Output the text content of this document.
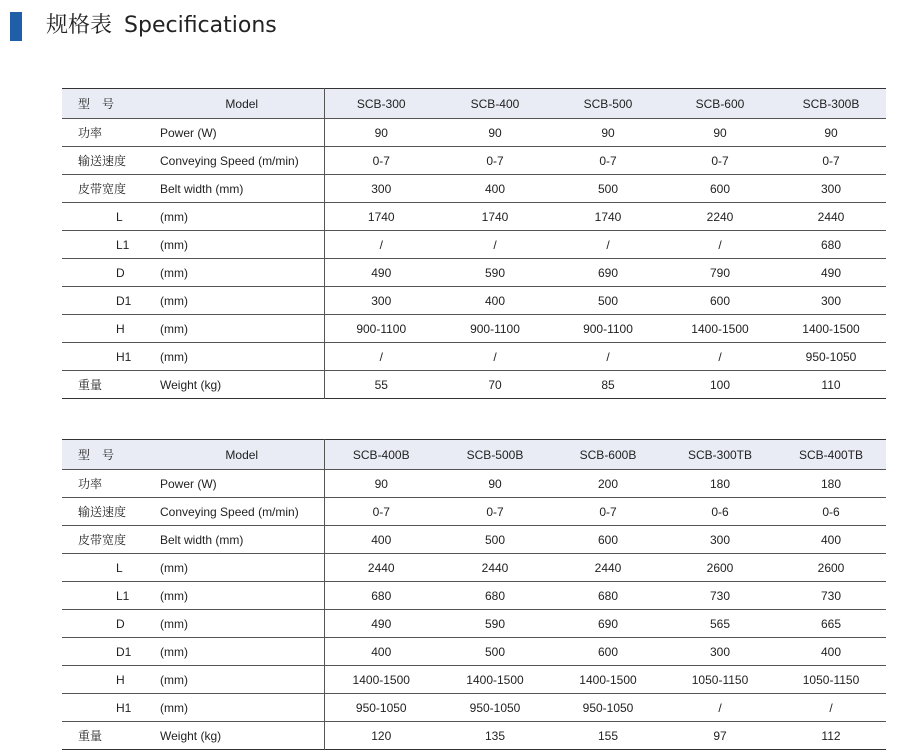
规格表 Specifications
型　号	Model	SCB-300	SCB-400	SCB-500	SCB-600	SCB-300B
功率	Power (W)	90	90	90	90	90
输送速度	Conveying Speed (m/min)	0-7	0-7	0-7	0-7	0-7
皮带宽度	Belt width (mm)	300	400	500	600	300
L	(mm)	1740	1740	1740	2240	2440
L1	(mm)	/	/	/	/	680
D	(mm)	490	590	690	790	490
D1	(mm)	300	400	500	600	300
H	(mm)	900-1100	900-1100	900-1100	1400-1500	1400-1500
H1	(mm)	/	/	/	/	950-1050
重量	Weight (kg)	55	70	85	100	110
型　号	Model	SCB-400B	SCB-500B	SCB-600B	SCB-300TB	SCB-400TB
功率	Power (W)	90	90	200	180	180
输送速度	Conveying Speed (m/min)	0-7	0-7	0-7	0-6	0-6
皮带宽度	Belt width (mm)	400	500	600	300	400
L	(mm)	2440	2440	2440	2600	2600
L1	(mm)	680	680	680	730	730
D	(mm)	490	590	690	565	665
D1	(mm)	400	500	600	300	400
H	(mm)	1400-1500	1400-1500	1400-1500	1050-1150	1050-1150
H1	(mm)	950-1050	950-1050	950-1050	/	/
重量	Weight (kg)	120	135	155	97	112
